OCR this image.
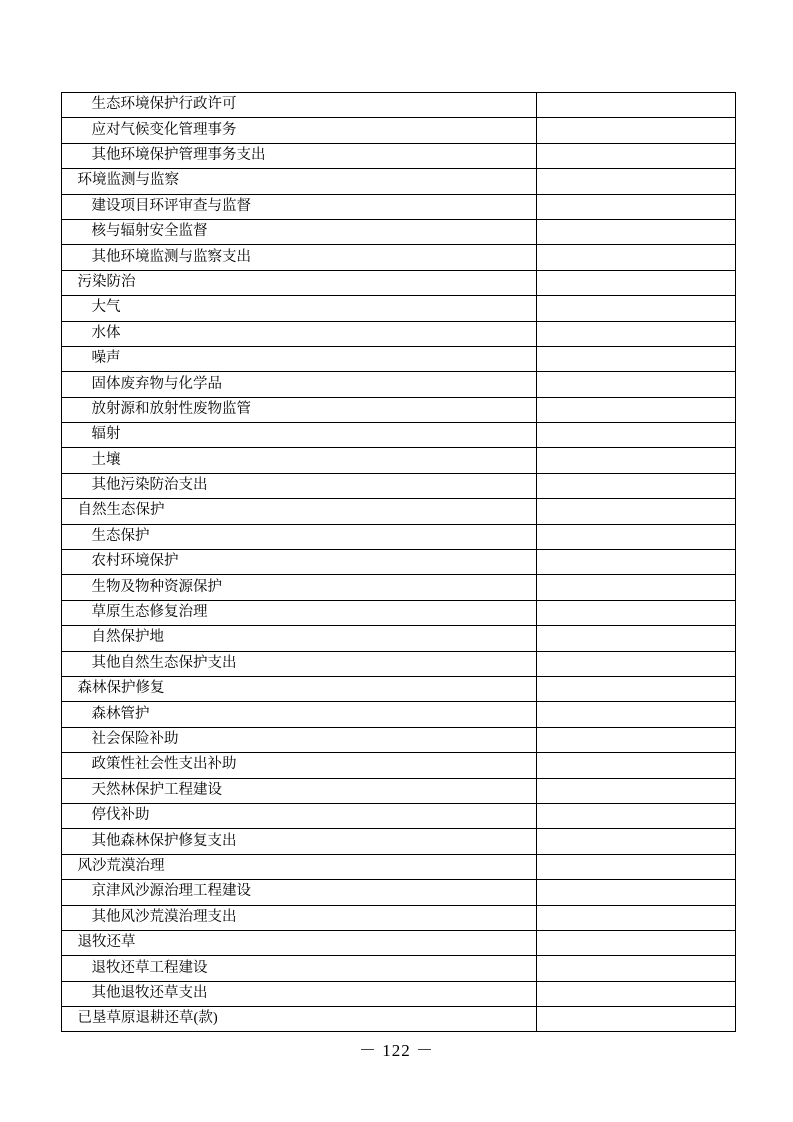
生态环境保护行政许可	

应对气候变化管理事务	

其他环境保护管理事务支出	

环境监测与监察	

建设项目环评审查与监督	

核与辐射安全监督	

其他环境监测与监察支出	

污染防治	

大气	

水体	

噪声	

固体废弃物与化学品	

放射源和放射性废物监管	

辐射	

土壤	

其他污染防治支出	

自然生态保护	

生态保护	

农村环境保护	

生物及物种资源保护	

草原生态修复治理	

自然保护地	

其他自然生态保护支出	

森林保护修复	

森林管护	

社会保险补助	

政策性社会性支出补助	

天然林保护工程建设	

停伐补助	

其他森林保护修复支出	

风沙荒漠治理	

京津风沙源治理工程建设	

其他风沙荒漠治理支出	

退牧还草	

退牧还草工程建设	

其他退牧还草支出	

已垦草原退耕还草(款)	

－ 122 －
